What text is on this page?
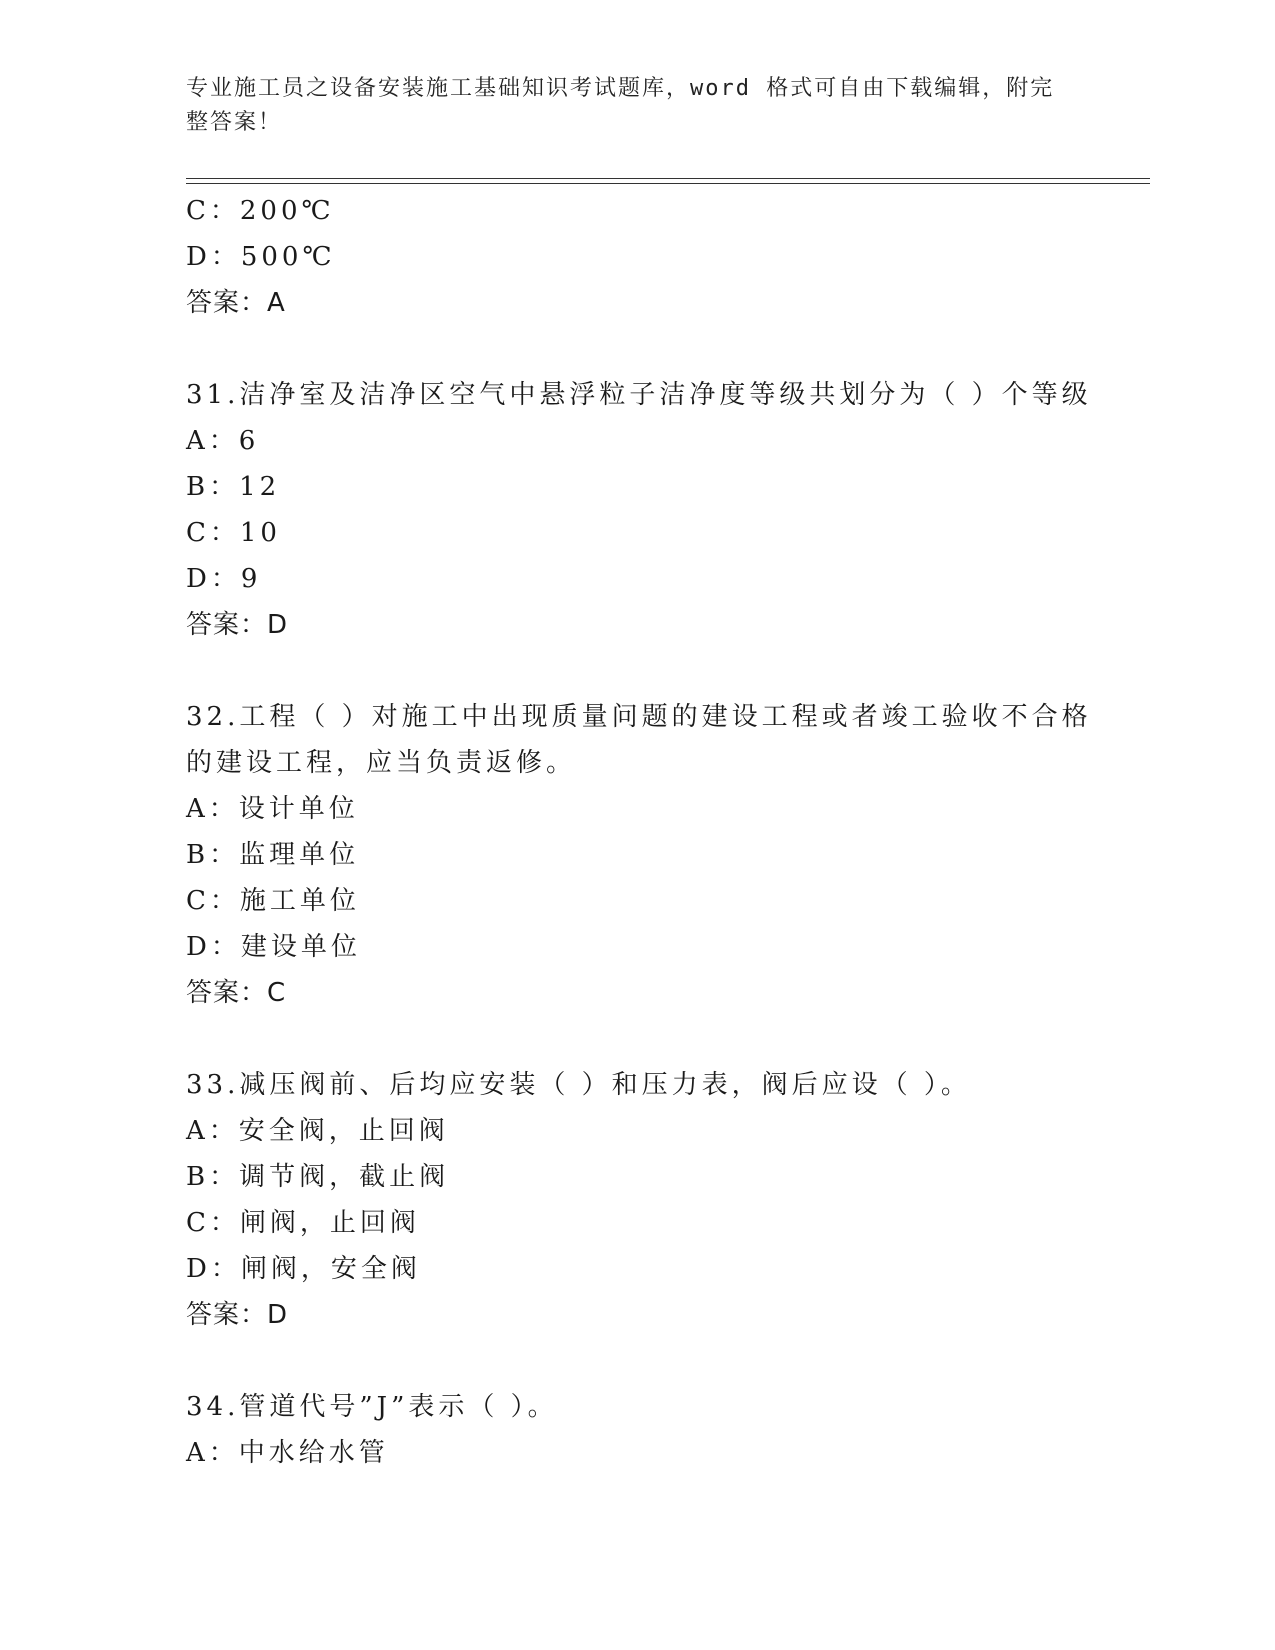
专业施工员之设备安装施工基础知识考试题库，word 格式可自由下载编辑，附完
整答案！
C：200℃
D：500℃
答案：A
31.洁净室及洁净区空气中悬浮粒子洁净度等级共划分为（ ）个等级
A：6
B：12
C：10
D：9
答案：D
32.工程（ ）对施工中出现质量问题的建设工程或者竣工验收不合格
的建设工程，应当负责返修。
A：设计单位
B：监理单位
C：施工单位
D：建设单位
答案：C
33.减压阀前、后均应安装（ ）和压力表，阀后应设（ ）。
A：安全阀，止回阀
B：调节阀，截止阀
C：闸阀，止回阀
D：闸阀，安全阀
答案：D
34.管道代号”J”表示（ ）。
A：中水给水管
